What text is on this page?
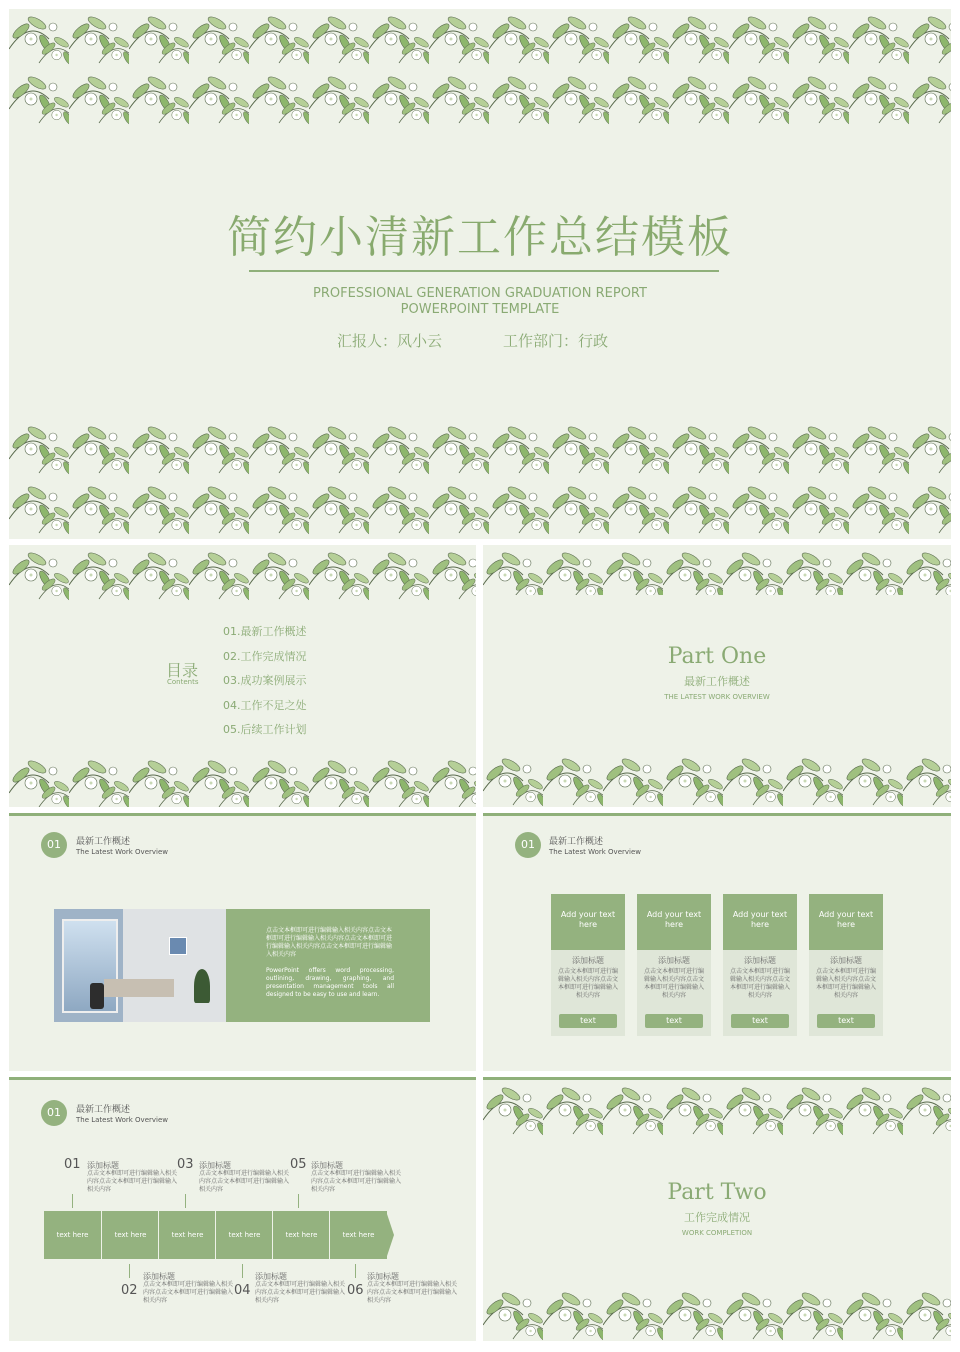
简约小清新工作总结模板
PROFESSIONAL GENERATION GRADUATION REPORT
POWERPOINT TEMPLATE
汇报人：风小云	工作部门：行政
目录
Contents
01.最新工作概述
02.工作完成情况
03.成功案例展示
04.工作不足之处
05.后续工作计划
Part One
最新工作概述
THE LATEST WORK OVERVIEW
01	最新工作概述
The Latest Work Overview
点击文本框即可进行编辑输入相关内容点击文本框即可进行编辑输入相关内容点击文本框即可进行编辑输入相关内容点击文本框即可进行编辑输入相关内容
PowerPoint offers word processing, outlining, drawing, graphing, and presentation management tools all designed to be easy to use and learn.
01	最新工作概述
The Latest Work Overview
Add your text here
添加标题
点击文本框即可进行编辑输入相关内容点击文本框即可进行编辑输入相关内容
text
Add your text here
添加标题
点击文本框即可进行编辑输入相关内容点击文本框即可进行编辑输入相关内容
text
Add your text here
添加标题
点击文本框即可进行编辑输入相关内容点击文本框即可进行编辑输入相关内容
text
Add your text here
添加标题
点击文本框即可进行编辑输入相关内容点击文本框即可进行编辑输入相关内容
text
01	最新工作概述
The Latest Work Overview
01 添加标题
点击文本框即可进行编辑输入相关内容点击文本框即可进行编辑输入相关内容
03 添加标题
点击文本框即可进行编辑输入相关内容点击文本框即可进行编辑输入相关内容
05 添加标题
点击文本框即可进行编辑输入相关内容点击文本框即可进行编辑输入相关内容
text here	text here	text here	text here	text here	text here
02
添加标题
点击文本框即可进行编辑输入相关内容点击文本框即可进行编辑输入相关内容
04
添加标题
点击文本框即可进行编辑输入相关内容点击文本框即可进行编辑输入相关内容
06
添加标题
点击文本框即可进行编辑输入相关内容点击文本框即可进行编辑输入相关内容
Part Two
工作完成情况
WORK COMPLETION
